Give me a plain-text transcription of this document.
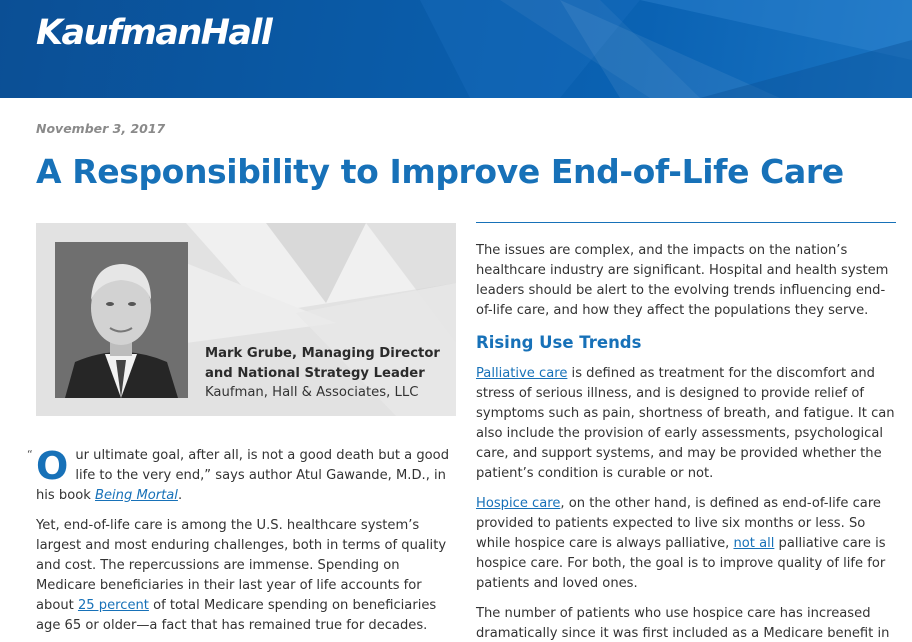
KaufmanHall
November 3, 2017
A Responsibility to Improve End-of-Life Care
Mark Grube, Managing Director
and National Strategy Leader
Kaufman, Hall & Associates, LLC
“ Our ultimate goal, after all, is not a good death but a good life to the very end,” says author Atul Gawande, M.D., in his book Being Mortal.

Yet, end-of-life care is among the U.S. healthcare system’s largest and most enduring challenges, both in terms of quality and cost. The repercussions are immense. Spending on Medicare beneficiaries in their last year of life accounts for about 25 percent of total Medicare spending on beneficiaries age 65 or older—a fact that has remained true for decades.

The issues are complex, and the impacts on the nation’s healthcare industry are significant. Hospital and health system leaders should be alert to the evolving trends influencing end-of-life care, and how they affect the populations they serve.

Rising Use Trends

Palliative care is defined as treatment for the discomfort and stress of serious illness, and is designed to provide relief of symptoms such as pain, shortness of breath, and fatigue. It can also include the provision of early assessments, psychological care, and support systems, and may be provided whether the patient’s condition is curable or not.

Hospice care, on the other hand, is defined as end-of-life care provided to patients expected to live six months or less. So while hospice care is always palliative, not all palliative care is hospice care. For both, the goal is to improve quality of life for patients and loved ones.

The number of patients who use hospice care has increased dramatically since it was first included as a Medicare benefit in
